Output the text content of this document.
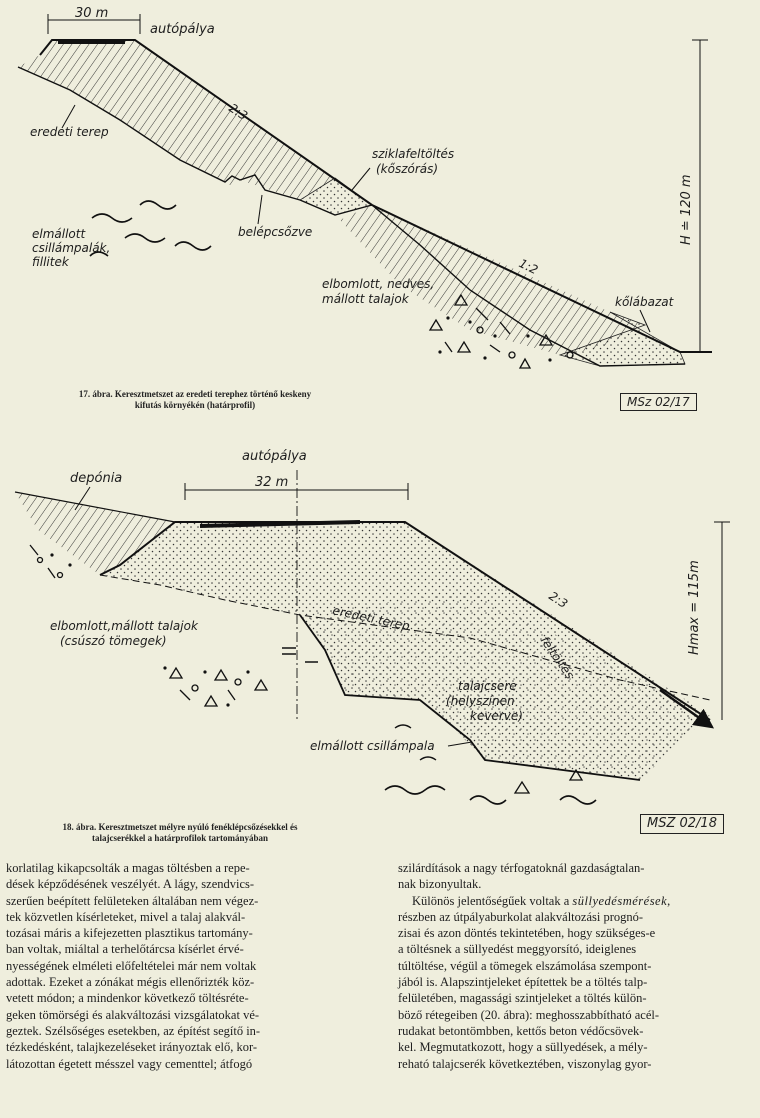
30 m
autópálya
2:3
eredeti terep
sziklafeltöltés
(kőszórás)
elmállott
csillámpalák,
fillitek
belépcsőzve
1:2
elbomlott, nedves,
mállott talajok	kőlábazat
H ≐ 120 m
32 m
autópálya
depónia
2:3
eredeti terep
feltöltés
elbomlott,mállott talajok
(csúszó tömegek)
talajcsere
(helyszínen
keverve)
elmállott csillámpala
Hmax = 115m
17. ábra. Keresztmetszet az eredeti terephez történő keskeny
kifutás környékén (határprofil)	MSz 02/17
18. ábra. Keresztmetszet mélyre nyúló fenéklépcsőzésekkel és
talajcserékkel a határprofilok tartományában
MSZ 02/18

korlatilag kikapcsolták a magas töltésben a repe-

dések képződésének veszélyét. A lágy, szendvics-

szerűen beépített felületeken általában nem végez-

tek közvetlen kísérleteket, mivel a talaj alakvál-

tozásai máris a kifejezetten plasztikus tartomány-

ban voltak, miáltal a terhelőtárcsa kísérlet érvé-

nyességének elméleti előfeltételei már nem voltak

adottak. Ezeket a zónákat mégis ellenőrizték köz-

vetett módon; a mindenkor következő töltésréte-

geken tömörségi és alakváltozási vizsgálatokat vé-

geztek. Szélsőséges esetekben, az építést segítő in-

tézkedésként, talajkezeléseket irányoztak elő, kor-

látozottan égetett mésszel vagy cementtel; átfogó

szilárdítások a nagy térfogatoknál gazdaságtalan-

nak bizonyultak.

Különös jelentőségűek voltak a süllyedésmérések,

részben az útpályaburkolat alakváltozási prognó-

zisai és azon döntés tekintetében, hogy szükséges-e

a töltésnek a süllyedést meggyorsító, ideiglenes

túltöltése, végül a tömegek elszámolása szempont-

jából is. Alapszintjeleket építettek be a töltés talp-

felületében, magassági szintjeleket a töltés külön-

böző rétegeiben (20. ábra): meghosszabbítható acél-

rudakat betontömbben, kettős beton védőcsövek-

kel. Megmutatkozott, hogy a süllyedések, a mély-

reható talajcserék következtében, viszonylag gyor-
